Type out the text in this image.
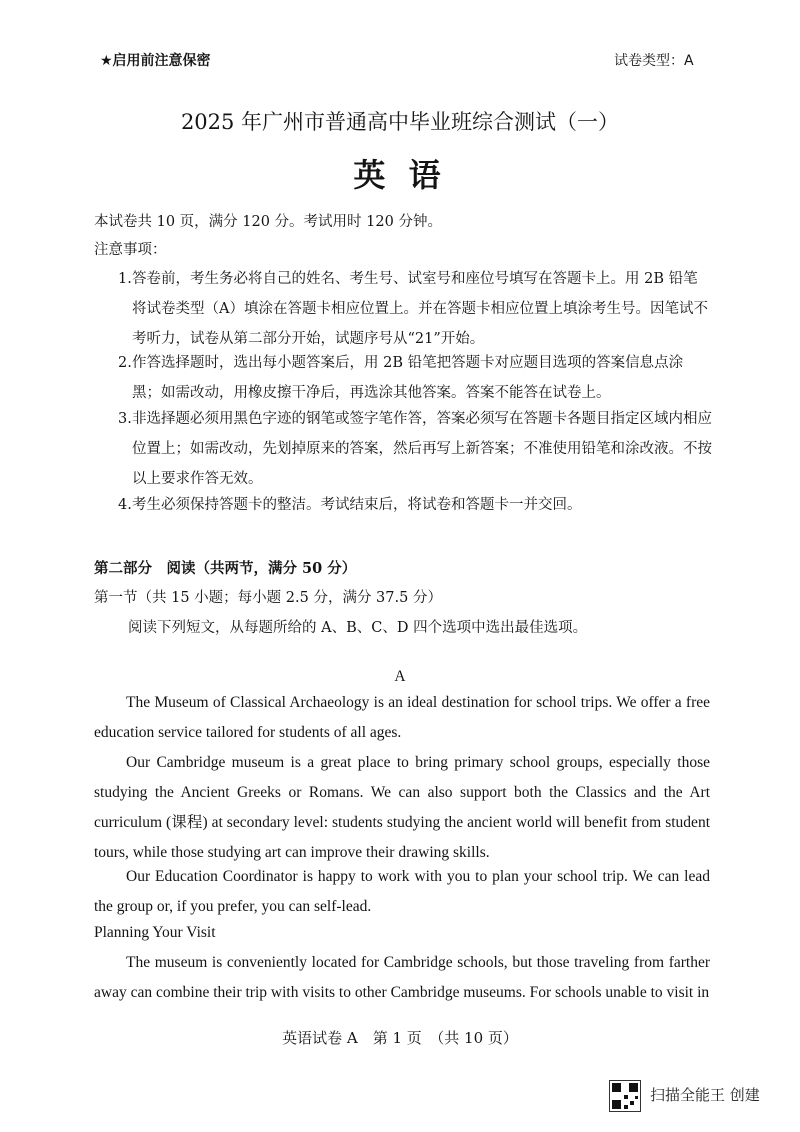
★启用前注意保密	试卷类型：A
2025 年广州市普通高中毕业班综合测试（一）
英 语
本试卷共 10 页，满分 120 分。考试用时 120 分钟。
注意事项：
1. 答卷前，考生务必将自己的姓名、考生号、试室号和座位号填写在答题卡上。用 2B 铅笔将试卷类型（A）填涂在答题卡相应位置上。并在答题卡相应位置上填涂考生号。因笔试不考听力，试卷从第二部分开始，试题序号从“21”开始。
2. 作答选择题时，选出每小题答案后，用 2B 铅笔把答题卡对应题目选项的答案信息点涂黑；如需改动，用橡皮擦干净后，再选涂其他答案。答案不能答在试卷上。
3. 非选择题必须用黑色字迹的钢笔或签字笔作答，答案必须写在答题卡各题目指定区域内相应位置上；如需改动，先划掉原来的答案，然后再写上新答案；不准使用铅笔和涂改液。不按以上要求作答无效。
4. 考生必须保持答题卡的整洁。考试结束后，将试卷和答题卡一并交回。
第二部分　阅读（共两节，满分 50 分）
第一节（共 15 小题；每小题 2.5 分，满分 37.5 分）
阅读下列短文，从每题所给的 A、B、C、D 四个选项中选出最佳选项。
A
The Museum of Classical Archaeology is an ideal destination for school trips. We offer a free education service tailored for students of all ages.
Our Cambridge museum is a great place to bring primary school groups, especially those studying the Ancient Greeks or Romans. We can also support both the Classics and the Art curriculum (课程) at secondary level: students studying the ancient world will benefit from student tours, while those studying art can improve their drawing skills.
Our Education Coordinator is happy to work with you to plan your school trip. We can lead the group or, if you prefer, you can self-lead.
Planning Your Visit
The museum is conveniently located for Cambridge schools, but those traveling from farther away can combine their trip with visits to other Cambridge museums. For schools unable to visit in
英语试卷 A　第 1 页　（共 10 页）
扫描全能王 创建
